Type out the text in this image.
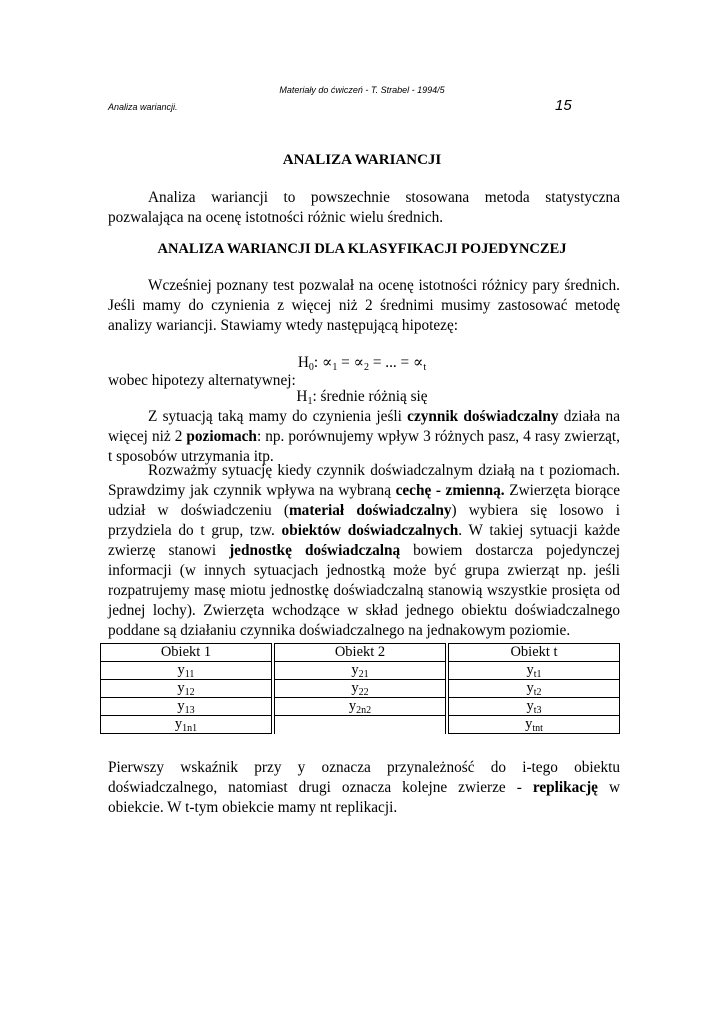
Materiały do ćwiczeń - T. Strabel - 1994/5
Analiza wariancji.	15
ANALIZA WARIANCJI
Analiza wariancji to powszechnie stosowana metoda statystyczna
pozwalająca na ocenę istotności różnic wielu średnich.
ANALIZA WARIANCJI DLA KLASYFIKACJI POJEDYNCZEJ
Wcześniej poznany test pozwalał na ocenę istotności różnicy pary średnich.
Jeśli mamy do czynienia z więcej niż 2 średnimi musimy zastosować metodę
analizy wariancji. Stawiamy wtedy następującą hipotezę:
$H_0$: $\propto_1 = \propto_2$ = ... = $\propto_t$
wobec hipotezy alternatywnej:
$H_1$: średnie różnią się
Z sytuacją taką mamy do czynienia jeśli czynnik doświadczalny działa na
więcej niż 2 poziomach: np. porównujemy wpływ 3 różnych pasz, 4 rasy zwierząt,
t sposobów utrzymania itp.
Rozważmy sytuację kiedy czynnik doświadczalnym działą na t poziomach.
Sprawdzimy jak czynnik wpływa na wybraną cechę - zmienną. Zwierzęta biorące
udział w doświadczeniu (materiał doświadczalny) wybiera się losowo i
przydziela do t grup, tzw. obiektów doświadczalnych. W takiej sytuacji każde
zwierzę stanowi jednostkę doświadczalną bowiem dostarcza pojedynczej
informacji (w innych sytuacjach jednostką może być grupa zwierząt np. jeśli
rozpatrujemy masę miotu jednostkę doświadczalną stanowią wszystkie prosięta od
jednej lochy). Zwierzęta wchodzące w skład jednego obiektu doświadczalnego
poddane są działaniu czynnika doświadczalnego na jednakowym poziomie.
Obiekt 1		Obiekt 2		Obiekt t
$y_{11}$		$y_{21}$		$y_{t1}$
$y_{12}$		$y_{22}$		$y_{t2}$
$y_{13}$		$y_{2n2}$		$y_{t3}$
$y_{1n1}$				$y_{tnt}$
Pierwszy wskaźnik przy y oznacza przynależność do i-tego obiektu
doświadczalnego, natomiast drugi oznacza kolejne zwierze - replikację w
obiekcie. W t-tym obiekcie mamy nt replikacji.
